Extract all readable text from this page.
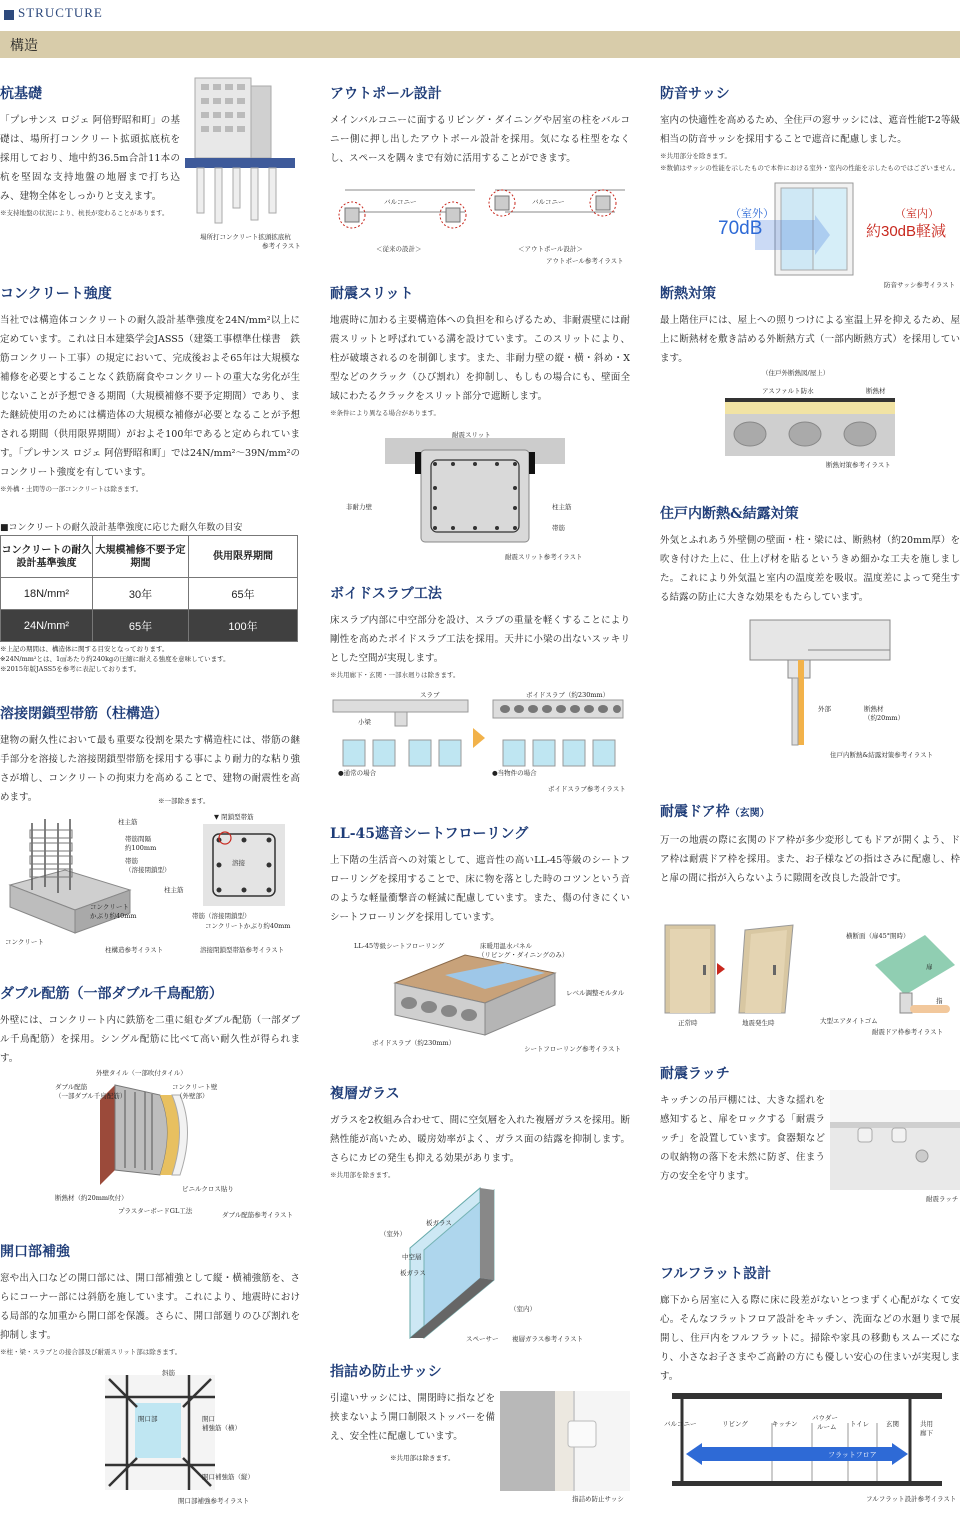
STRUCTURE
構造
杭基礎

「プレサンス ロジェ 阿倍野昭和町」の基礎は、場所打コンクリート拡頭拡底杭を採用しており、地中約36.5m合計11本の杭を堅固な支持地盤の地層まで打ち込み、建物全体をしっかりと支えます。

※支持地盤の状況により、杭長が変わることがあります。

場所打コンクリート拡頭拡底杭
参考イラスト
コンクリート強度

当社では構造体コンクリートの耐久設計基準強度を24N/mm²以上に定めています。これは日本建築学会JASS5（建築工事標準仕様書　鉄筋コンクリート工事）の規定において、完成後およそ65年は大規模な補修を必要とすることなく鉄筋腐食やコンクリートの重大な劣化が生じないことが予想できる期間（大規模補修不要予定期間）であり、また継続使用のためには構造体の大規模な補修が必要となることが予想される期間（供用限界期間）がおよそ100年であると定められています。「プレサンス ロジェ 阿倍野昭和町」では24N/mm²〜39N/mm²のコンクリート強度を有しています。

※外構・土間等の一部コンクリートは除きます。

■コンクリートの耐久設計基準強度に応じた耐久年数の目安
コンクリートの耐久設計基準強度	大規模補修不要予定期間	供用限界期間
18N/mm²	30年	65年
24N/mm²	65年	100年
※上記の期間は、構造体に関する目安となっております。
※24N/mm²とは、1㎠あたり約240kgの圧縮に耐える強度を意味しています。
※2015年版JASS5を参考に表記しております。
溶接閉鎖型帯筋（柱構造）

建物の耐久性において最も重要な役割を果たす構造柱には、帯筋の継手部分を溶接した溶接閉鎖型帯筋を採用する事により耐力的な粘り強さが増し、コンクリートの拘束力を高めることで、建物の耐震性を高めます。	※一部除きます。
柱主筋
帯筋間隔
約100mm
帯筋
（溶接閉鎖型）
コンクリート
かぶり約40mm
コンクリート
柱構造参考イラスト
▼ 閉鎖型帯筋
溶接
柱主筋
帯筋（溶接閉鎖型）
コンクリートかぶり約40mm
溶接閉鎖型帯筋参考イラスト
ダブル配筋（一部ダブル千鳥配筋）

外壁には、コンクリート内に鉄筋を二重に組むダブル配筋（一部ダブル千鳥配筋）を採用。シングル配筋に比べて高い耐久性が得られます。

外壁タイル（一部吹付タイル）
ダブル配筋
（一部ダブル千鳥配筋）
コンクリート壁
（外壁部）
断熱材（約20mm吹付）
ビニルクロス貼り
プラスターボードGL工法	ダブル配筋参考イラスト
開口部補強

窓や出入口などの開口部には、開口部補強として縦・横補強筋を、さらにコーナー部には斜筋を施しています。これにより、地震時における局部的な加重から開口部を保護。さらに、開口部廻りのひび割れを抑制します。

※柱・梁・スラブとの接合部及び耐震スリット部は除きます。

斜筋
開口部	開口
補強筋（横）
開口補強筋（縦）
開口部補強参考イラスト
アウトポール設計

メインバルコニーに面するリビング・ダイニングや居室の柱をバルコニー側に押し出したアウトポール設計を採用。気になる柱型をなくし、スペースを隅々まで有効に活用することができます。

バルコニー	バルコニー
＜従来の設計＞	＜アウトポール設計＞
アウトポール参考イラスト
耐震スリット

地震時に加わる主要構造体への負担を和らげるため、非耐震壁には耐震スリットと呼ばれている溝を設けています。このスリットにより、柱が破壊されるのを制御します。また、非耐力壁の縦・横・斜め・X型などのクラック（ひび割れ）を抑制し、もしもの場合にも、壁面全域にわたるクラックをスリット部分で遮断します。

※条件により異なる場合があります。

耐震スリット
非耐力壁	柱主筋
帯筋
耐震スリット参考イラスト
ボイドスラブ工法

床スラブ内部に中空部分を設け、スラブの重量を軽くすることにより剛性を高めたボイドスラブ工法を採用。天井に小梁の出ないスッキリとした空間が実現します。

※共用廊下・玄関・一部水廻りは除きます。

スラブ
小梁
ボイドスラブ（約230mm）
●通常の場合	●当物件の場合
ボイドスラブ参考イラスト
LL-45遮音シートフローリング

上下階の生活音への対策として、遮音性の高いLL-45等級のシートフローリングを採用することで、床に物を落とした時のコツンという音のような軽量衝撃音の軽減に配慮しています。また、傷の付きにくいシートフローリングを採用しています。

LL-45等級シートフローリング	床暖用温水パネル
（リビング・ダイニングのみ）
レベル調整モルタル
ボイドスラブ（約230mm）
シートフローリング参考イラスト
複層ガラス

ガラスを2枚組み合わせて、間に空気層を入れた複層ガラスを採用。断熱性能が高いため、暖房効率がよく、ガラス面の結露を抑制します。さらにカビの発生も抑える効果があります。

※共用部を除きます。

板ガラス
（室外）
中空層
板ガラス
（室内）
スペーサー 複層ガラス参考イラスト
指詰め防止サッシ

引違いサッシには、開閉時に指などを挟まないよう開口制限ストッパーを備え、安全性に配慮しています。

※共用部は除きます。
指詰め防止サッシ
防音サッシ

室内の快適性を高めるため、全住戸の窓サッシには、遮音性能T-2等級相当の防音サッシを採用することで遮音に配慮しました。

※共用部分を除きます。

※数値はサッシの性能を示したもので本件における室外・室内の性能を示したものではございません。

（室外）
70dB
（室内）
約30dB軽減
防音サッシ参考イラスト
断熱対策

最上階住戸には、屋上への照りつけによる室温上昇を抑えるため、屋上に断熱材を敷き詰める外断熱方式（一部内断熱方式）を採用しています。

（住戸外断熱図/屋上）
アスファルト防水	断熱材
断熱対策参考イラスト
住戸内断熱&結露対策

外気とふれあう外壁側の壁面・柱・梁には、断熱材（約20mm厚）を吹き付けた上に、仕上げ材を貼るというきめ細かな工夫を施しました。これにより外気温と室内の温度差を吸収。温度差によって発生する結露の防止に大きな効果をもたらしています。

外部	断熱材
（約20mm）
住戸内断熱&結露対策参考イラスト
耐震ドア枠（玄関）

万一の地震の際に玄関のドア枠が多少変形してもドアが開くよう、ドア枠は耐震ドア枠を採用。また、お子様などの指はさみに配慮し、枠と扉の間に指が入らないように隙間を改良した設計です。

正常時	地震発生時
横断面（扉45°開時）
扉
指
大型エアタイトゴム
耐震ドア枠参考イラスト
耐震ラッチ

キッチンの吊戸棚には、大きな揺れを感知すると、扉をロックする「耐震ラッチ」を設置しています。食器類などの収納物の落下を未然に防ぎ、住まう方の安全を守ります。

耐震ラッチ
フルフラット設計

廊下から居室に入る際に床に段差がないとつまずく心配がなくて安心。そんなフラットフロア設計をキッチン、洗面などの水廻りまで展開し、住戸内をフルフラットに。掃除や家具の移動もスムーズになり、小さなお子さまやご高齢の方にも優しい安心の住まいが実現します。

バルコニー	リビング	キッチン
パウダー
ルーム トイレ	玄関	共用
廊下
フラットフロア
フルフラット設計参考イラスト
